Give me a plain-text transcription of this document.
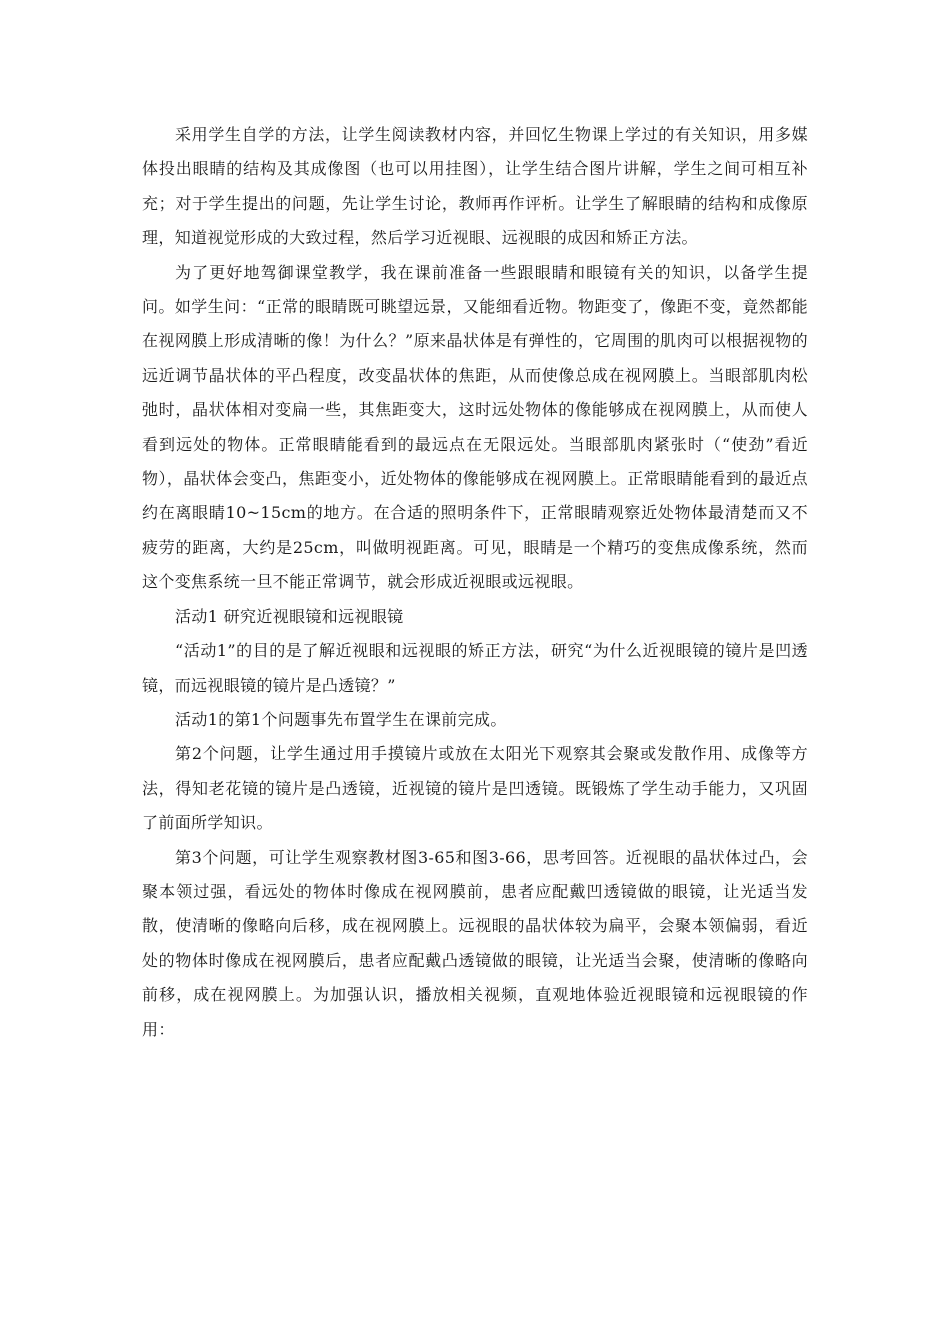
采用学生自学的方法，让学生阅读教材内容，并回忆生物课上学过的有关知识，用多媒体投出眼睛的结构及其成像图（也可以用挂图），让学生结合图片讲解，学生之间可相互补充；对于学生提出的问题，先让学生讨论，教师再作评析。让学生了解眼睛的结构和成像原理，知道视觉形成的大致过程，然后学习近视眼、远视眼的成因和矫正方法。

为了更好地驾御课堂教学，我在课前准备一些跟眼睛和眼镜有关的知识，以备学生提问。如学生问：“正常的眼睛既可眺望远景，又能细看近物。物距变了，像距不变，竟然都能在视网膜上形成清晰的像！为什么？”原来晶状体是有弹性的，它周围的肌肉可以根据视物的远近调节晶状体的平凸程度，改变晶状体的焦距，从而使像总成在视网膜上。当眼部肌肉松弛时，晶状体相对变扁一些，其焦距变大，这时远处物体的像能够成在视网膜上，从而使人看到远处的物体。正常眼睛能看到的最远点在无限远处。当眼部肌肉紧张时（“使劲”看近物），晶状体会变凸，焦距变小，近处物体的像能够成在视网膜上。正常眼睛能看到的最近点约在离眼睛10~15cm的地方。在合适的照明条件下，正常眼睛观察近处物体最清楚而又不疲劳的距离，大约是25cm，叫做明视距离。可见，眼睛是一个精巧的变焦成像系统，然而这个变焦系统一旦不能正常调节，就会形成近视眼或远视眼。

活动1 研究近视眼镜和远视眼镜

“活动1”的目的是了解近视眼和远视眼的矫正方法，研究“为什么近视眼镜的镜片是凹透镜，而远视眼镜的镜片是凸透镜？”

活动1的第1个问题事先布置学生在课前完成。

第2个问题，让学生通过用手摸镜片或放在太阳光下观察其会聚或发散作用、成像等方法，得知老花镜的镜片是凸透镜，近视镜的镜片是凹透镜。既锻炼了学生动手能力，又巩固了前面所学知识。

第3个问题，可让学生观察教材图3-65和图3-66，思考回答。近视眼的晶状体过凸，会聚本领过强，看远处的物体时像成在视网膜前，患者应配戴凹透镜做的眼镜，让光适当发散，使清晰的像略向后移，成在视网膜上。远视眼的晶状体较为扁平，会聚本领偏弱，看近处的物体时像成在视网膜后，患者应配戴凸透镜做的眼镜，让光适当会聚，使清晰的像略向前移，成在视网膜上。为加强认识，播放相关视频，直观地体验近视眼镜和远视眼镜的作用：
